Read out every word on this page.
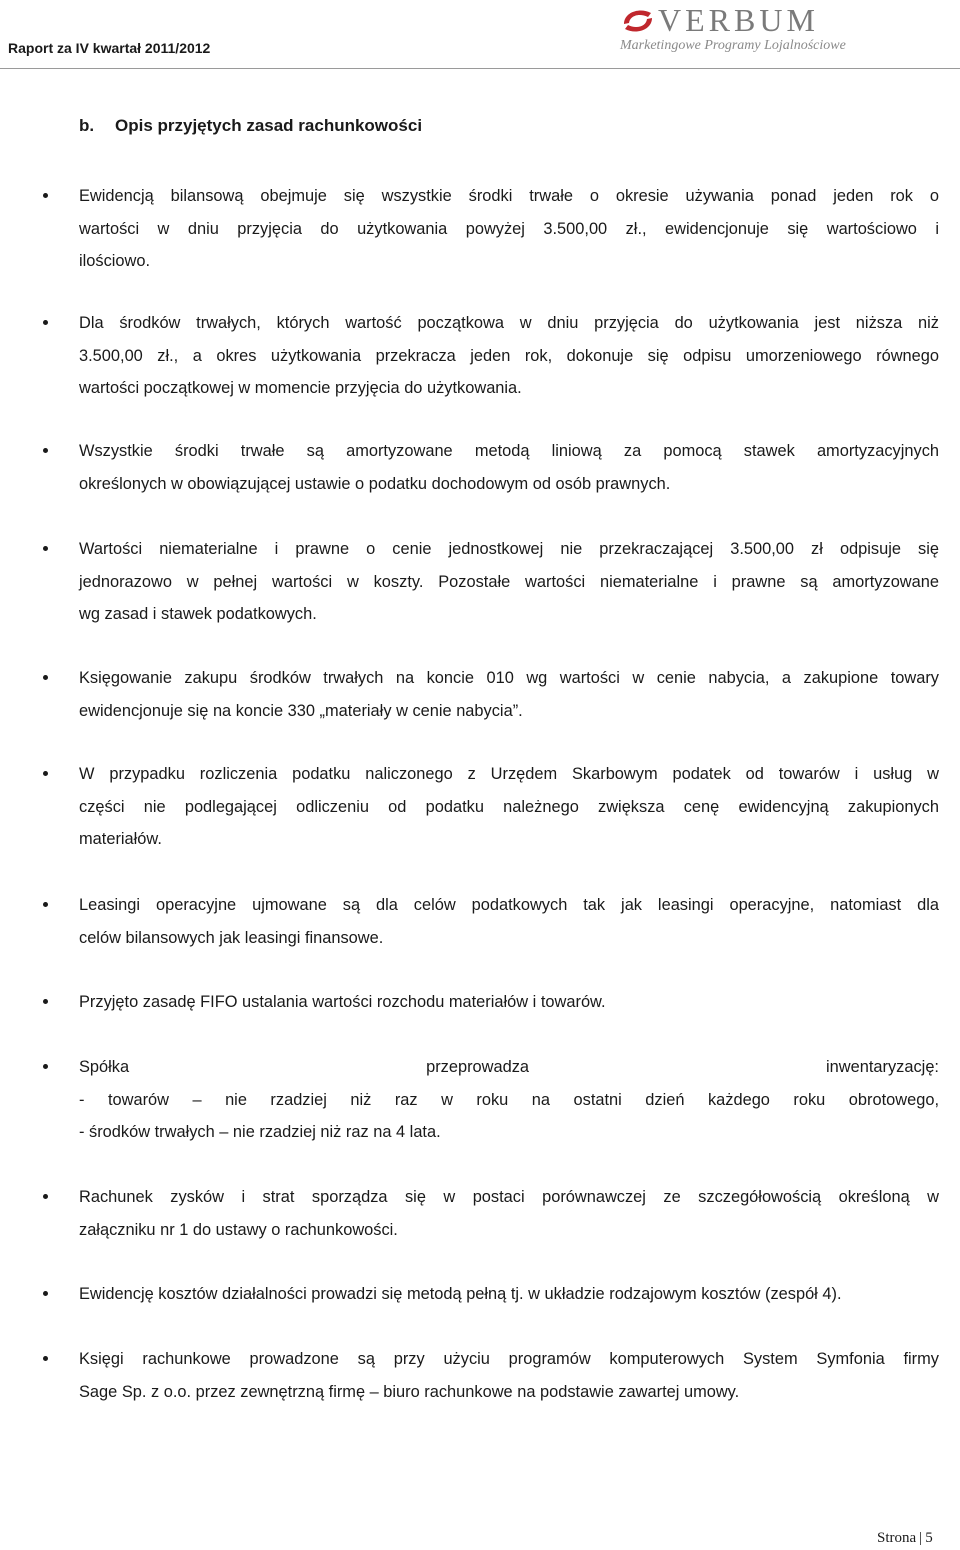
Raport za IV kwartał 2011/2012
VERBUM
Marketingowe Programy Lojalnościowe
b. Opis przyjętych zasad rachunkowości
Ewidencją bilansową obejmuje się wszystkie środki trwałe o okresie używania ponad jeden rok o
wartości w dniu przyjęcia do użytkowania powyżej 3.500,00 zł., ewidencjonuje się wartościowo i
ilościowo.
Dla środków trwałych, których wartość początkowa w dniu przyjęcia do użytkowania jest niższa niż
3.500,00 zł., a okres użytkowania przekracza jeden rok, dokonuje się odpisu umorzeniowego równego
wartości początkowej w momencie przyjęcia do użytkowania.
Wszystkie środki trwałe są amortyzowane metodą liniową za pomocą stawek amortyzacyjnych
określonych w obowiązującej ustawie o podatku dochodowym od osób prawnych.
Wartości niematerialne i prawne o cenie jednostkowej nie przekraczającej 3.500,00 zł odpisuje się
jednorazowo w pełnej wartości w koszty. Pozostałe wartości niematerialne i prawne są amortyzowane
wg zasad i stawek podatkowych.
Księgowanie zakupu środków trwałych na koncie 010 wg wartości w cenie nabycia, a zakupione towary
ewidencjonuje się na koncie 330 „materiały w cenie nabycia”.
W przypadku rozliczenia podatku naliczonego z Urzędem Skarbowym podatek od towarów i usług w
części nie podlegającej odliczeniu od podatku należnego zwiększa cenę ewidencyjną zakupionych
materiałów.
Leasingi operacyjne ujmowane są dla celów podatkowych tak jak leasingi operacyjne, natomiast dla
celów bilansowych jak leasingi finansowe.
Przyjęto zasadę FIFO ustalania wartości rozchodu materiałów i towarów.
Spółka przeprowadza inwentaryzację:
- towarów – nie rzadziej niż raz w roku na ostatni dzień każdego roku obrotowego,
- środków trwałych – nie rzadziej niż raz na 4 lata.
Rachunek zysków i strat sporządza się w postaci porównawczej ze szczegółowością określoną w
załączniku nr 1 do ustawy o rachunkowości.
Ewidencję kosztów działalności prowadzi się metodą pełną tj. w układzie rodzajowym kosztów (zespół 4).
Księgi rachunkowe prowadzone są przy użyciu programów komputerowych System Symfonia firmy
Sage Sp. z o.o. przez zewnętrzną firmę – biuro rachunkowe na podstawie zawartej umowy.
Strona | 5
